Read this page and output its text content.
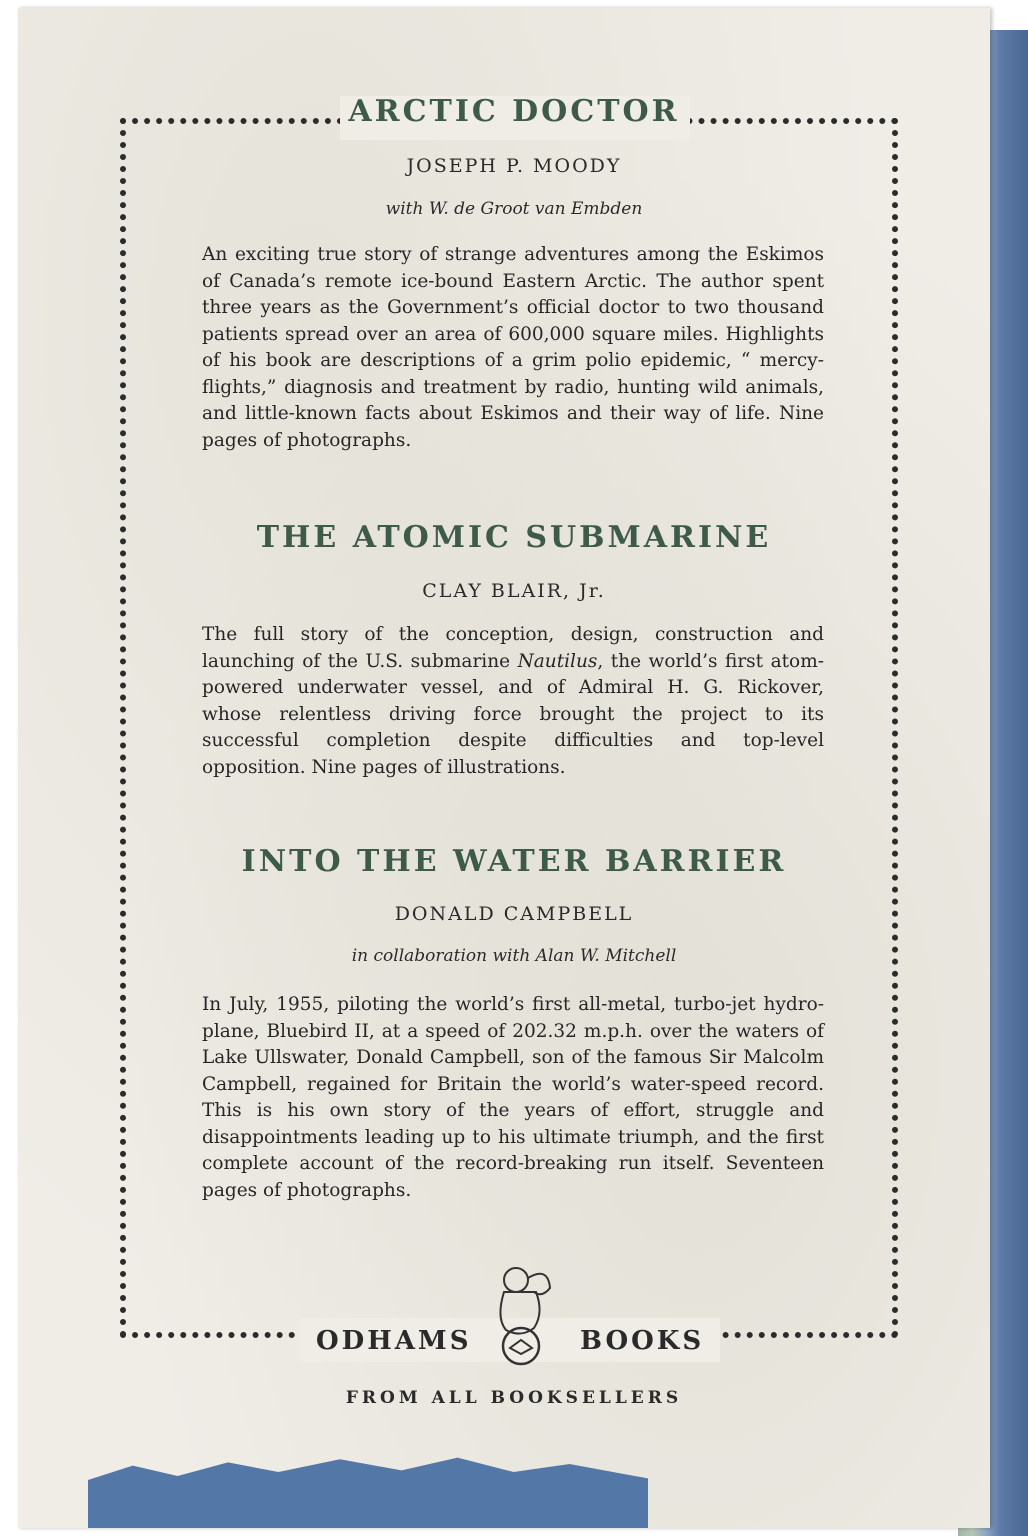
ARCTIC DOCTOR
JOSEPH P. MOODY
with W. de Groot van Embden
An exciting true story of strange adventures among the Eskimos of Canada’s remote ice-bound Eastern Arctic. The author spent three years as the Government’s official doctor to two thousand patients spread over an area of 600,000 square miles. Highlights of his book are descriptions of a grim polio epidemic, “ mercy-flights,” diagnosis and treatment by radio, hunting wild animals, and little-known facts about Eskimos and their way of life. Nine pages of photographs.
THE ATOMIC SUBMARINE
CLAY BLAIR, Jr.
The full story of the conception, design, construction and launching of the U.S. submarine Nautilus, the world’s first atom-powered underwater vessel, and of Admiral H. G. Rickover, whose relentless driving force brought the project to its successful completion despite difficulties and top-level opposition. Nine pages of illustrations.
INTO THE WATER BARRIER
DONALD CAMPBELL
in collaboration with Alan W. Mitchell
In July, 1955, piloting the world’s first all-metal, turbo-jet hydro-plane, Bluebird II, at a speed of 202.32 m.p.h. over the waters of Lake Ullswater, Donald Campbell, son of the famous Sir Malcolm Campbell, regained for Britain the world’s water-speed record. This is his own story of the years of effort, struggle and disappointments leading up to his ultimate triumph, and the first complete account of the record-breaking run itself. Seventeen pages of photographs.
ODHAMS	BOOKS
FROM ALL BOOKSELLERS
